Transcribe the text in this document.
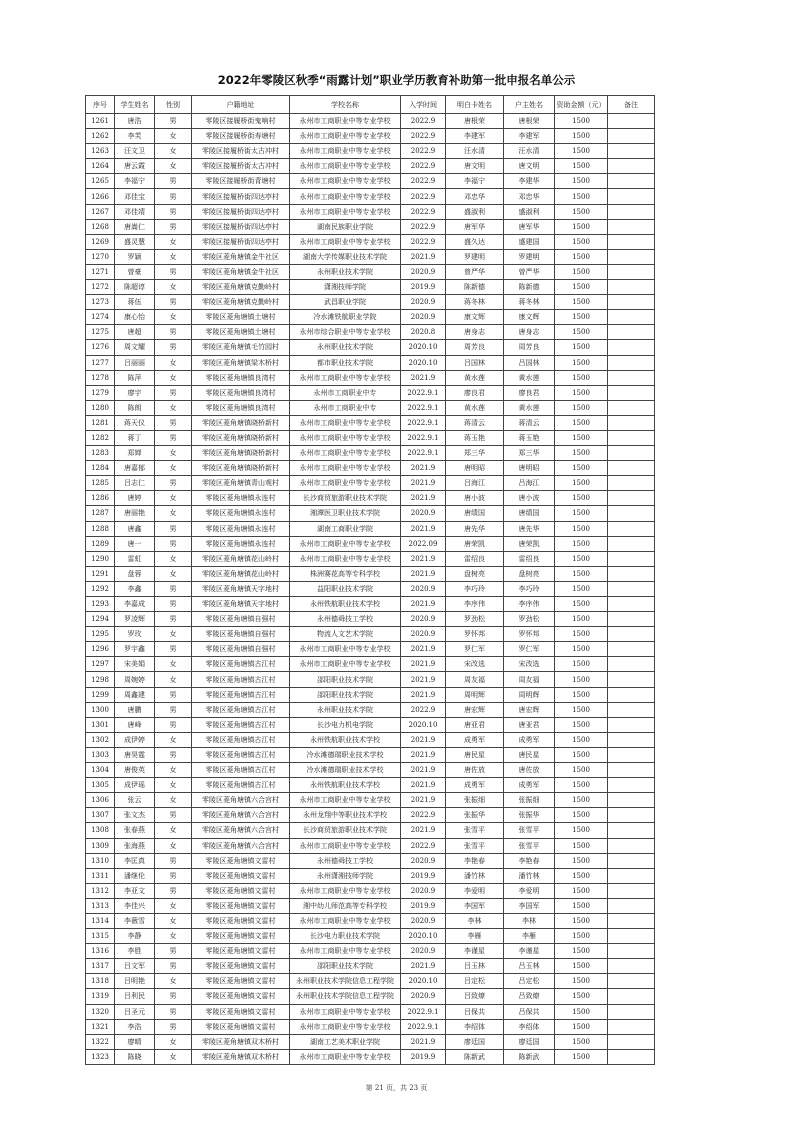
2022年零陵区秋季“雨露计划”职业学历教育补助第一批申报名单公示
序号	学生姓名	性别	户籍地址	学校名称	入学时间	明白卡姓名	户主姓名	资助金额（元）	备注
1261	唐浩	男	零陵区接履桥街鬼响村	永州市工商职业中等专业学校	2022.9	唐根荣	唐根荣	1500	
1262	李芙	女	零陵区接履桥街寿塘村	永州市工商职业中等专业学校	2022.9	李建军	李建军	1500	
1263	汪文卫	女	零陵区接履桥街太古冲村	永州市工商职业中等专业学校	2022.9	汪水清	汪水清	1500	
1264	唐云霞	女	零陵区接履桥街太古冲村	永州市工商职业中等专业学校	2022.9	唐文明	唐文明	1500	
1265	李福宁	男	零陵区接履桥街青塘村	永州市工商职业中等专业学校	2022.9	李福宁	李建华	1500	
1266	邓佳宝	男	零陵区接履桥街四达亭村	永州市工商职业中等专业学校	2022.9	邓忠华	邓忠华	1500	
1267	邓佳靖	男	零陵区接履桥街四达亭村	永州市工商职业中等专业学校	2022.9	盛淑利	盛淑利	1500	
1268	唐嵩仁	男	零陵区接履桥街四达亭村	湖南民族职业学院	2022.9	唐军华	唐军华	1500	
1269	盛灵慧	女	零陵区接履桥街四达亭村	永州市工商职业中等专业学校	2022.9	盛久达	盛建国	1500	
1270	罗颖	女	零陵区菱角塘镇金牛社区	湖南大学传媒职业技术学院	2021.9	罗建明	罗建明	1500	
1271	曾豪	男	零陵区菱角塘镇金牛社区	永州职业技术学院	2020.9	曾严华	曾严华	1500	
1272	陈超谆	女	零陵区菱角塘镇克勤岭村	潇湘技师学院	2019.9	陈新德	陈新德	1500	
1273	蒋伍	男	零陵区菱角塘镇克勤岭村	武昌职业学院	2020.9	蒋冬林	蒋冬林	1500	
1274	康心怡	女	零陵区菱角塘镇土塘村	冷水滩铁航职业学院	2020.9	康文辉	康文辉	1500	
1275	唐超	男	零陵区菱角塘镇土塘村	永州市综合职业中等专业学校	2020.8	唐身志	唐身志	1500	
1276	周文耀	男	零陵区菱角塘镇毛竹园村	永州职业技术学院	2020.10	周芳良	周芳良	1500	
1277	吕丽丽	女	零陵区菱角塘镇梁木桥村	都市职业技术学院	2020.10	吕国林	吕国林	1500	
1278	陈萍	女	零陵区菱角塘镇良湾村	永州市工商职业中等专业学校	2021.9	黄水莲	黄水莲	1500	
1279	廖宇	男	零陵区菱角塘镇良湾村	永州市工商职业中专	2022.9.1	廖良君	廖良君	1500	
1280	陈朗	女	零陵区菱角塘镇良湾村	永州市工商职业中专	2022.9.1	黄水莲	黄水莲	1500	
1281	蒋天仪	男	零陵区菱角塘镇晓桥新村	永州市工商职业中等专业学校	2022.9.1	蒋清云	蒋清云	1500	
1282	蒋丁	男	零陵区菱角塘镇晓桥新村	永州市工商职业中等专业学校	2022.9.1	蒋玉艳	蒋玉艳	1500	
1283	郑婵	女	零陵区菱角塘镇晓桥新村	永州市工商职业中等专业学校	2022.9.1	郑三华	郑三华	1500	
1284	唐嘉郁	女	零陵区菱角塘镇晓桥新村	永州市工商职业中等专业学校	2021.9	唐明昭	唐明昭	1500	
1285	吕志仁	男	零陵区菱角塘镇青山观村	永州市工商职业中等专业学校	2021.9	吕海江	吕海江	1500	
1286	唐婷	女	零陵区菱角塘镇永连村	长沙商贸旅游职业技术学院	2021.9	唐小波	唐小波	1500	
1287	唐丽艳	女	零陵区菱角塘镇永连村	湘潭医卫职业技术学院	2020.9	唐绩国	唐绩国	1500	
1288	唐鑫	男	零陵区菱角塘镇永连村	湖南工商职业学院	2021.9	唐先华	唐先华	1500	
1289	唐一	男	零陵区菱角塘镇永连村	永州市工商职业中等专业学校	2022.09	唐荣凯	唐荣凯	1500	
1290	雷虹	女	零陵区菱角塘镇花山岭村	永州市工商职业中等专业学校	2021.9	雷绍良	雷绍良	1500	
1291	盘蓉	女	零陵区菱角塘镇花山岭村	株洲赛花高等专科学校	2021.9	盘树亮	盘树亮	1500	
1292	李鑫	男	零陵区菱角塘镇天字地村	益阳职业技术学院	2020.9	李巧玲	李巧玲	1500	
1293	李嘉成	男	零陵区菱角塘镇天字地村	永州铁航职业技术学校	2021.9	李序伟	李序伟	1500	
1294	罗凌辉	男	零陵区菱角塘镇自强村	永州德舜技工学校	2020.9	罗劲松	罗劲松	1500	
1295	罗玫	女	零陵区菱角塘镇自强村	物流人文艺术学院	2020.9	罗怀邦	罗怀邦	1500	
1296	罗宇鑫	男	零陵区菱角塘镇自强村	永州市工商职业中等专业学校	2021.9	罗仁军	罗仁军	1500	
1297	宋美娟	女	零陵区菱角塘镇古江村	永州市工商职业中等专业学校	2021.9	宋改选	宋改选	1500	
1298	周婉婷	女	零陵区菱角塘镇古江村	邵阳职业技术学院	2021.9	周友福	周友福	1500	
1299	周鑫建	男	零陵区菱角塘镇古江村	邵阳职业技术学院	2021.9	周明辉	周明辉	1500	
1300	唐鹏	男	零陵区菱角塘镇古江村	永州职业技术学院	2022.9	唐宏辉	唐宏辉	1500	
1301	唐峰	男	零陵区菱角塘镇古江村	长沙电力机电学院	2020.10	唐亚君	唐亚君	1500	
1302	成伊婷	女	零陵区菱角塘镇古江村	永州铁航职业技术学校	2021.9	成勇军	成勇军	1500	
1303	唐昊霆	男	零陵区菱角塘镇古江村	冷水滩德瑞职业技术学校	2021.9	唐民星	唐民星	1500	
1304	唐俊英	女	零陵区菱角塘镇古江村	冷水滩德瑞职业技术学校	2021.9	唐佐放	唐佐放	1500	
1305	成伊瑶	女	零陵区菱角塘镇古江村	永州铁航职业技术学校	2021.9	成勇军	成勇军	1500	
1306	张云	女	零陵区菱角塘镇六合宫村	永州市工商职业中等专业学校	2021.9	张振细	张振细	1500	
1307	张文杰	男	零陵区菱角塘镇六合宫村	永州龙翔中等职业技术学校	2022.9	张振华	张振华	1500	
1308	张春燕	女	零陵区菱角塘镇六合宫村	长沙商贸旅游职业技术学院	2021.9	张雪平	张雪平	1500	
1309	张海燕	女	零陵区菱角塘镇六合宫村	永州市工商职业中等专业学校	2022.9	张雪平	张雪平	1500	
1310	李匡真	男	零陵区菱角塘镇文雷村	永州德舜技工学校	2020.9	李艳春	李艳春	1500	
1311	潘继伦	男	零陵区菱角塘镇文雷村	永州潇湘技师学院	2019.9	潘竹林	潘竹林	1500	
1312	李亚文	男	零陵区菱角塘镇文雷村	永州市工商职业中等专业学校	2020.9	李爱明	李爱明	1500	
1313	李佳兴	女	零陵区菱角塘镇文雷村	湘中幼儿师范高等专科学校	2019.9	李国军	李国军	1500	
1314	李薇雪	女	零陵区菱角塘镇文雷村	永州市工商职业中等专业学校	2020.9	李林	李林	1500	
1315	李静	女	零陵区菱角塘镇文雷村	长沙电力职业技术学院	2020.10	李雁	李雁	1500	
1316	李胜	男	零陵区菱角塘镇文雷村	永州市工商职业中等专业学校	2020.9	李谨星	李谨星	1500	
1317	吕文军	男	零陵区菱角塘镇文雷村	邵阳职业技术学院	2021.9	吕玉林	吕玉林	1500	
1318	吕明艳	女	零陵区菱角塘镇文雷村	永州职业技术学院信息工程学院	2020.10	吕定松	吕定松	1500	
1319	吕利民	男	零陵区菱角塘镇文雷村	永州职业技术学院信息工程学院	2020.9	吕致燎	吕致燎	1500	
1320	吕圣元	男	零陵区菱角塘镇文雷村	永州市工商职业中等专业学校	2022.9.1	吕保共	吕保共	1500	
1321	李浩	男	零陵区菱角塘镇文雷村	永州市工商职业中等专业学校	2022.9.1	李绍体	李绍体	1500	
1322	廖晴	女	零陵区菱角塘镇双木桥村	湖南工艺美术职业学院	2021.9	廖廷国	廖廷国	1500	
1323	陈晓	女	零陵区菱角塘镇双木桥村	永州市工商职业中等专业学校	2019.9	陈新武	陈新武	1500	
第 21 页，共 23 页
